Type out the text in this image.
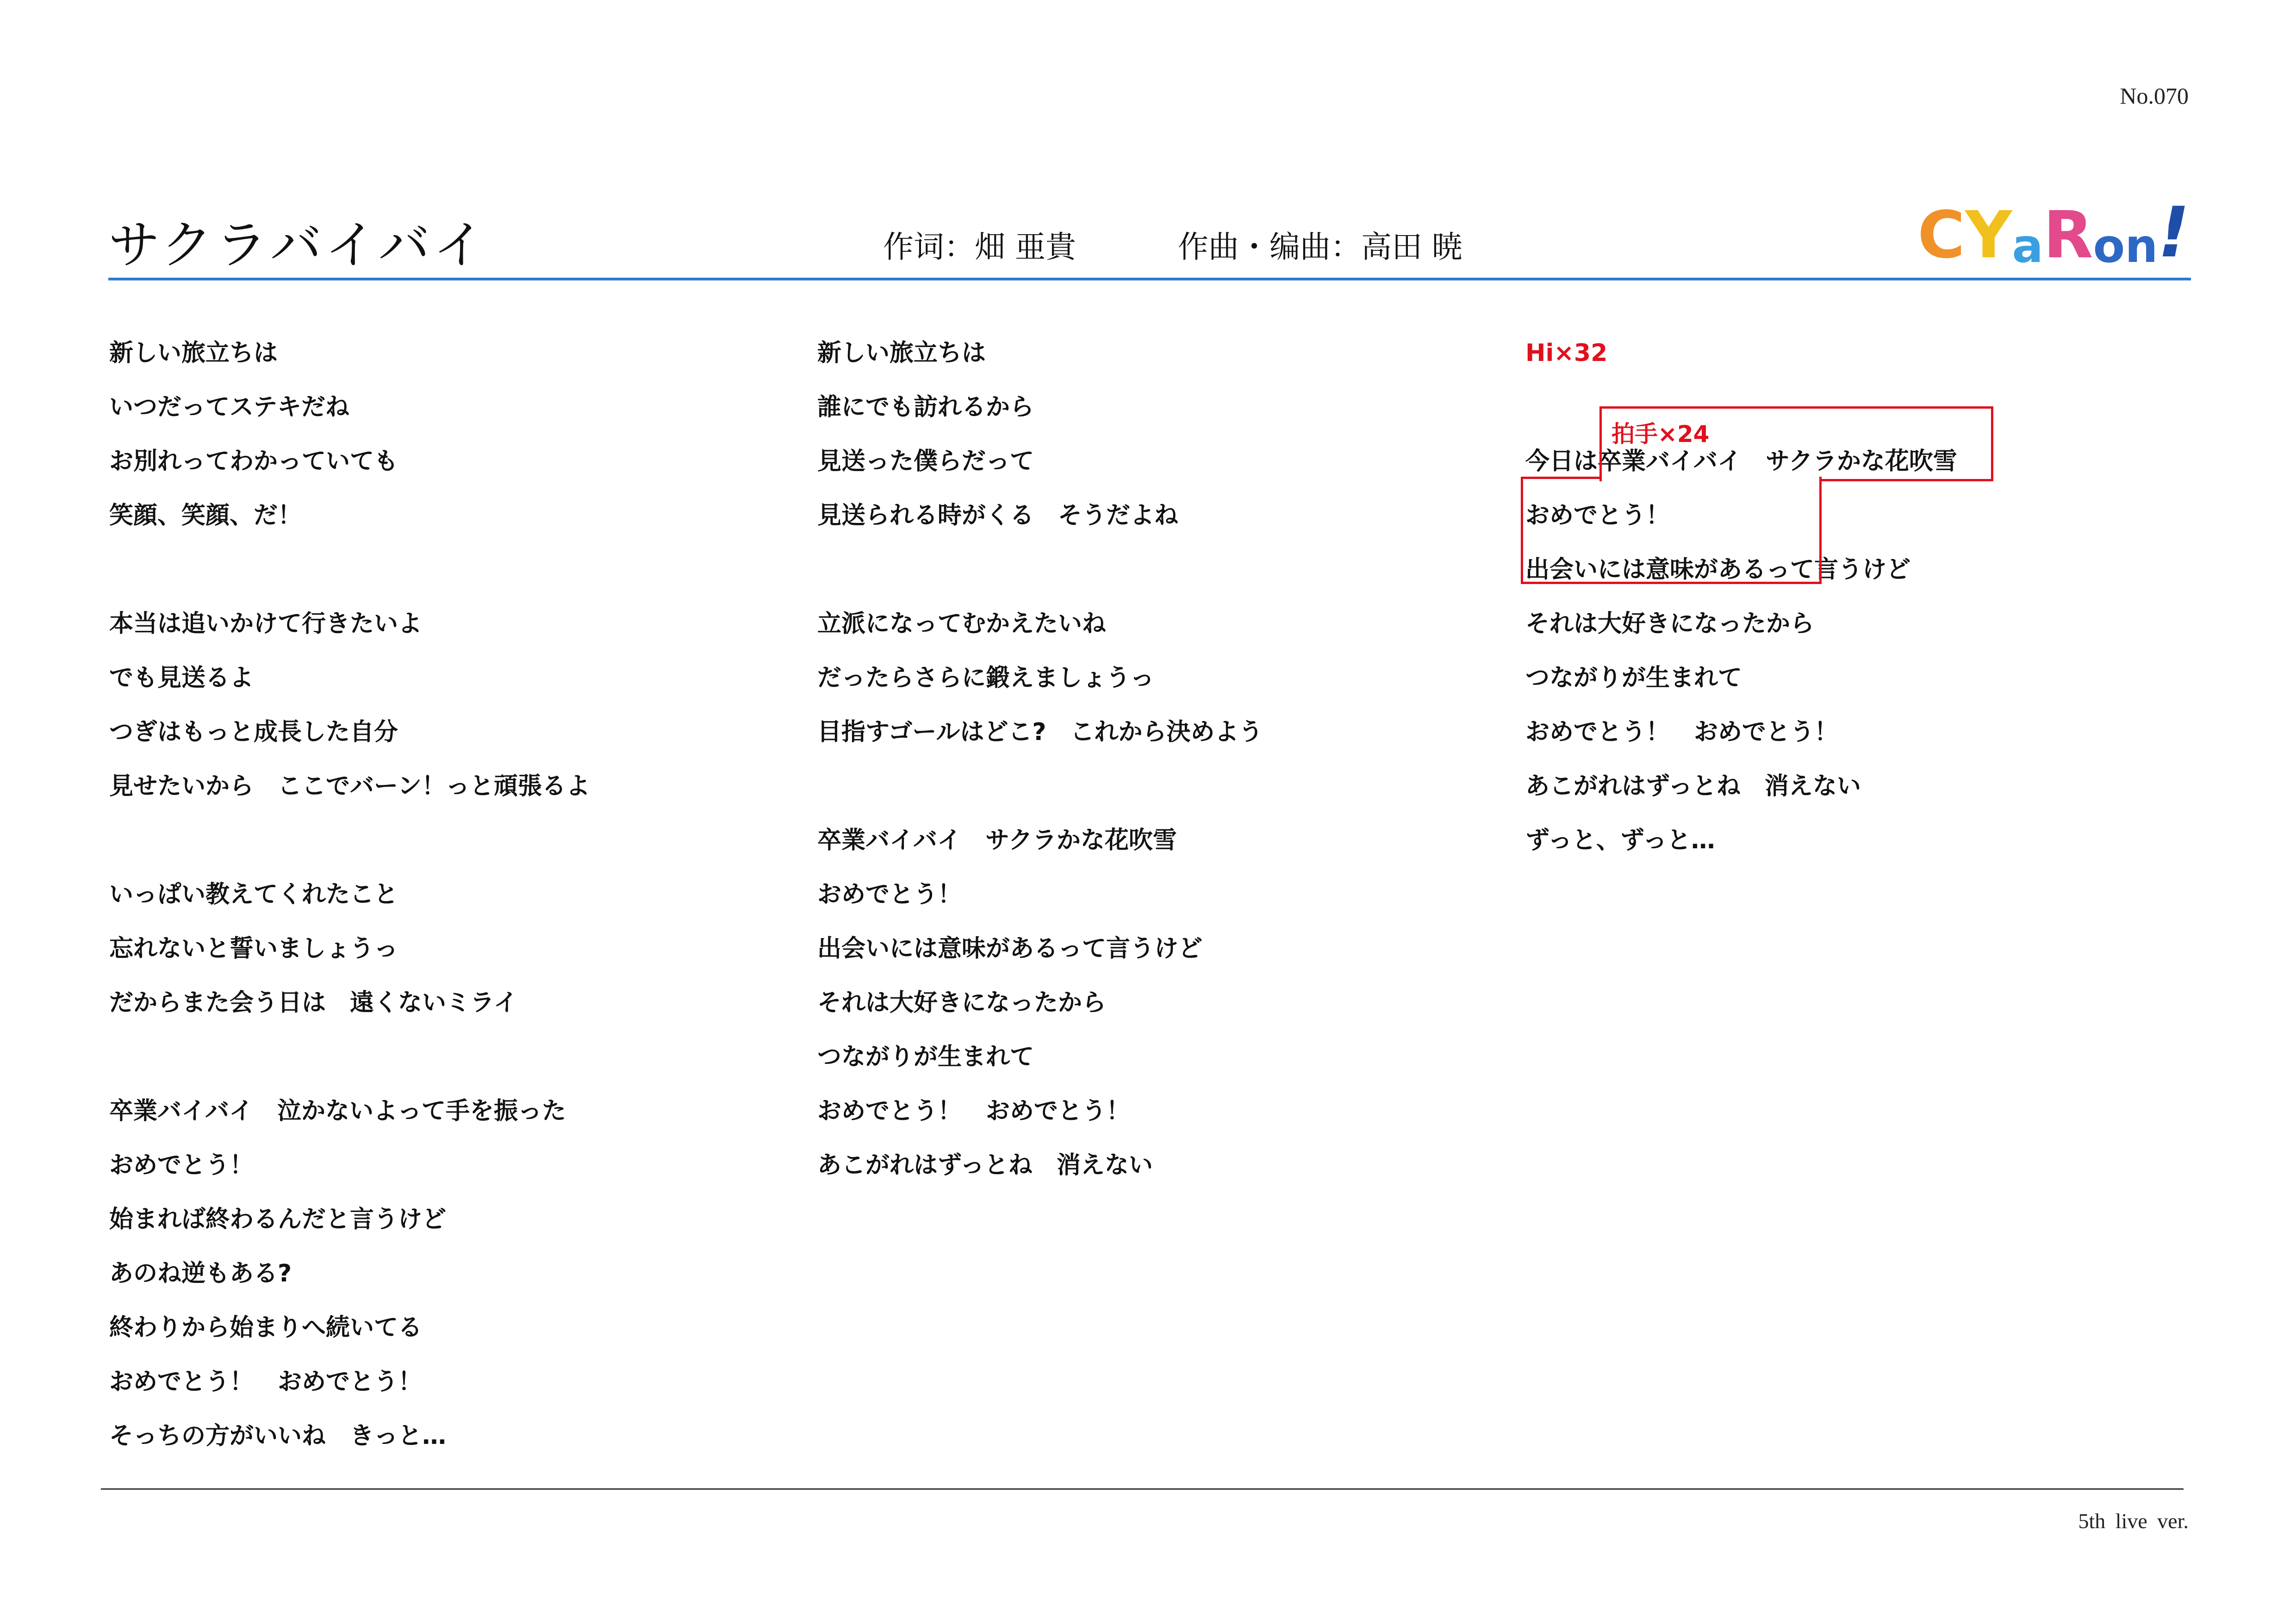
No.070
サクラバイバイ	作词：畑 亜貴	作曲・编曲：高田 暁	C Y a R o n !
新しい旅立ちは
いつだってステキだね
お別れってわかっていても
笑顔、笑顔、だ！
本当は追いかけて行きたいよ
でも見送るよ
つぎはもっと成長した自分
見せたいから　ここでバーン！っと頑張るよ
いっぱい教えてくれたこと
忘れないと誓いましょうっ
だからまた会う日は　遠くないミライ
卒業バイバイ　泣かないよって手を振った
おめでとう！
始まれば終わるんだと言うけど
あのね逆もある?
終わりから始まりへ続いてる
おめでとう！　おめでとう！
そっちの方がいいね　きっと…
新しい旅立ちは
誰にでも訪れるから
見送った僕らだって
見送られる時がくる　そうだよね
立派になってむかえたいね
だったらさらに鍛えましょうっ
目指すゴールはどこ?　これから決めよう
卒業バイバイ　サクラかな花吹雪
おめでとう！
出会いには意味があるって言うけど
それは大好きになったから
つながりが生まれて
おめでとう！　おめでとう！
あこがれはずっとね　消えない
Hi×32
今日は卒業バイバイ　サクラかな花吹雪
おめでとう！
出会いには意味があるって言うけど
それは大好きになったから
つながりが生まれて
おめでとう！　おめでとう！
あこがれはずっとね　消えない
ずっと、ずっと…
拍手×24
5th live ver.
